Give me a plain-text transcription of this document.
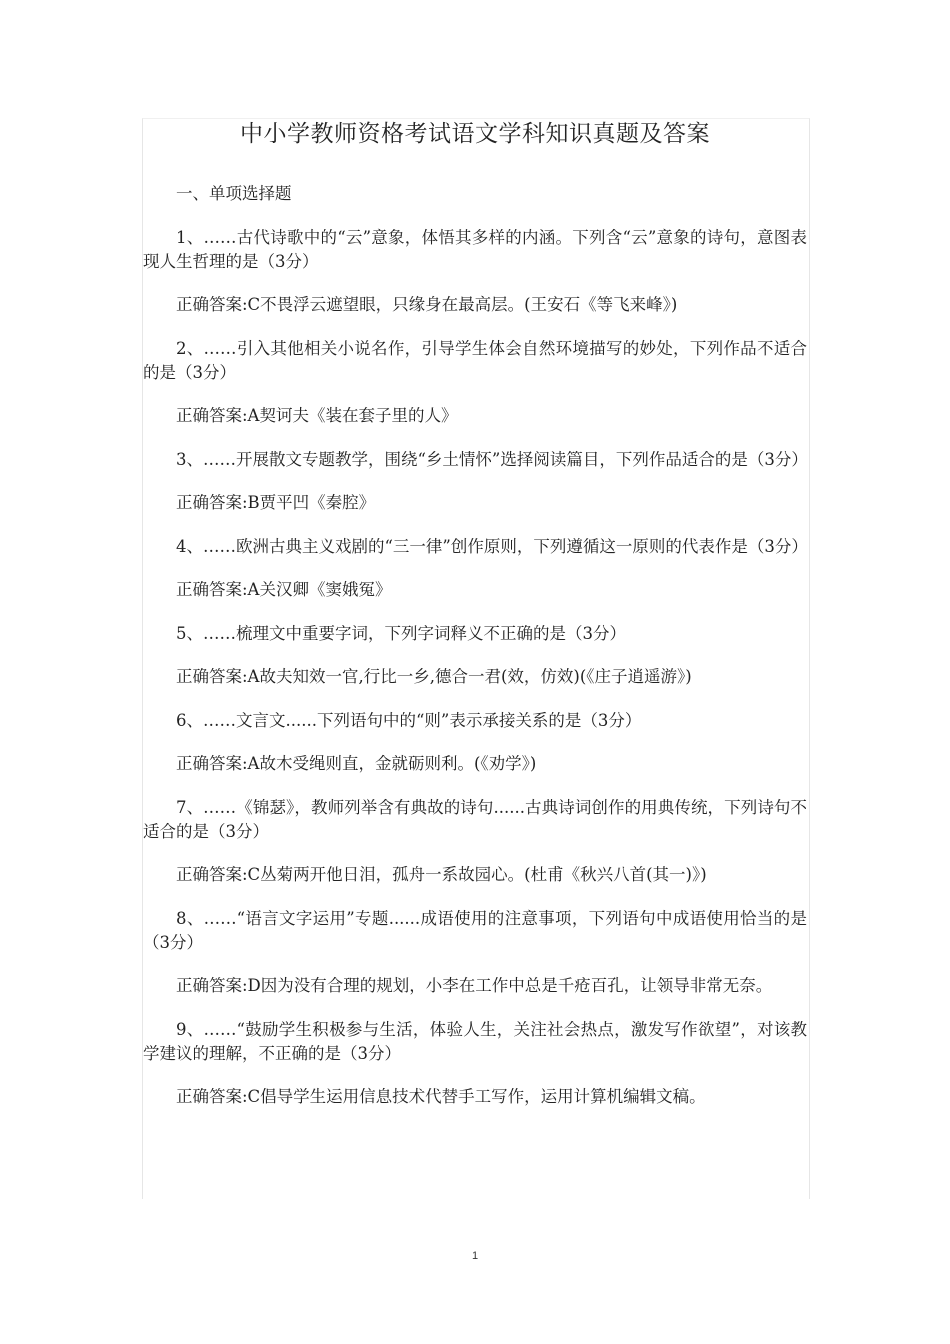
中小学教师资格考试语文学科知识真题及答案

一、单项选择题

1、……古代诗歌中的“云”意象，体悟其多样的内涵。下列含“云”意象的诗句，意图表现人生哲理的是（3分）

正确答案:C不畏浮云遮望眼，只缘身在最高层。(王安石《等飞来峰》)

2、……引入其他相关小说名作，引导学生体会自然环境描写的妙处，下列作品不适合的是（3分）

正确答案:A契诃夫《装在套子里的人》

3、……开展散文专题教学，围绕“乡土情怀”选择阅读篇目，下列作品适合的是（3分）

正确答案:B贾平凹《秦腔》

4、……欧洲古典主义戏剧的“三一律”创作原则，下列遵循这一原则的代表作是（3分）

正确答案:A关汉卿《窦娥冤》

5、……梳理文中重要字词，下列字词释义不正确的是（3分）

正确答案:A故夫知效一官,行比一乡,德合一君(效，仿效)(《庄子逍遥游》)

6、……文言文......下列语句中的“则”表示承接关系的是（3分）

正确答案:A故木受绳则直，金就砺则利。(《劝学》)

7、……《锦瑟》，教师列举含有典故的诗句......古典诗词创作的用典传统，下列诗句不适合的是（3分）

正确答案:C丛菊两开他日泪，孤舟一系故园心。(杜甫《秋兴八首(其一)》)

8、……“语言文字运用”专题......成语使用的注意事项，下列语句中成语使用恰当的是（3分）

正确答案:D因为没有合理的规划，小李在工作中总是千疮百孔，让领导非常无奈。

9、……“鼓励学生积极参与生活，体验人生，关注社会热点，激发写作欲望”，对该教学建议的理解，不正确的是（3分）

正确答案:C倡导学生运用信息技术代替手工写作，运用计算机编辑文稿。

1
